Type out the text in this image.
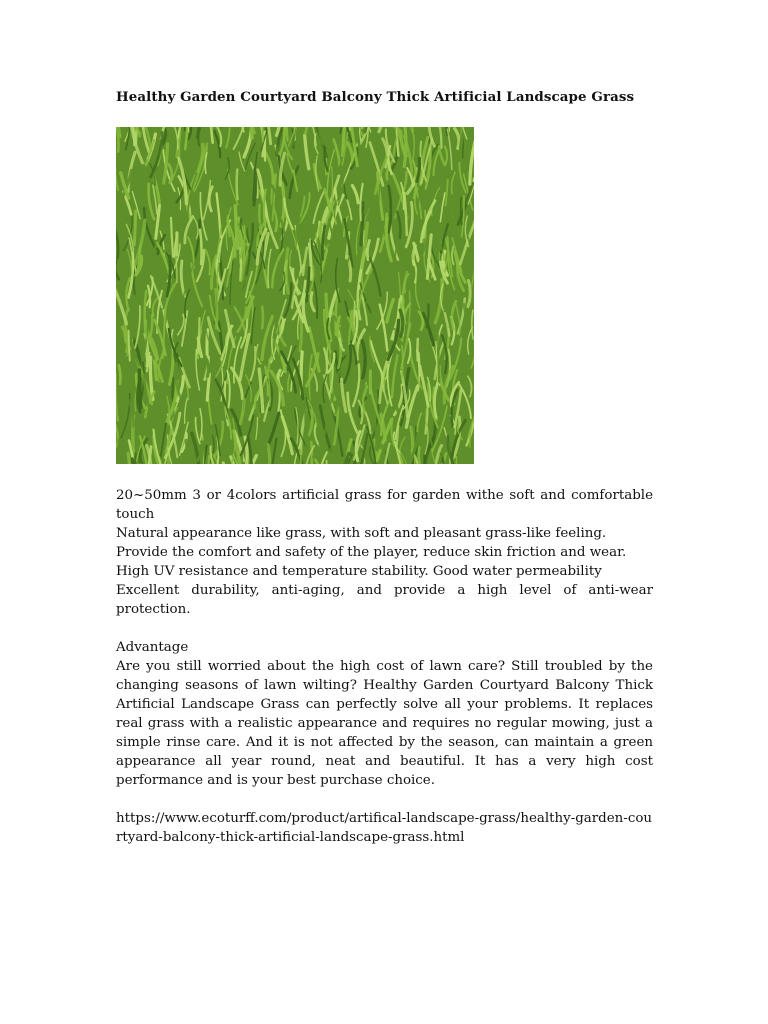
Healthy Garden Courtyard Balcony Thick Artificial Landscape Grass

20~50mm 3 or 4colors artificial grass for garden withe soft and comfortable touch

Natural appearance like grass, with soft and pleasant grass-like feeling.

Provide the comfort and safety of the player, reduce skin friction and wear.

High UV resistance and temperature stability. Good water permeability

Excellent durability, anti-aging, and provide a high level of anti-wear protection.

Advantage

Are you still worried about the high cost of lawn care? Still troubled by the changing seasons of lawn wilting? Healthy Garden Courtyard Balcony Thick Artificial Landscape Grass can perfectly solve all your problems. It replaces real grass with a realistic appearance and requires no regular mowing, just a simple rinse care. And it is not affected by the season, can maintain a green appearance all year round, neat and beautiful. It has a very high cost performance and is your best purchase choice.

https://www.ecoturff.com/product/artifical-landscape-grass/healthy-garden-courtyard-balcony-thick-artificial-landscape-grass.html
